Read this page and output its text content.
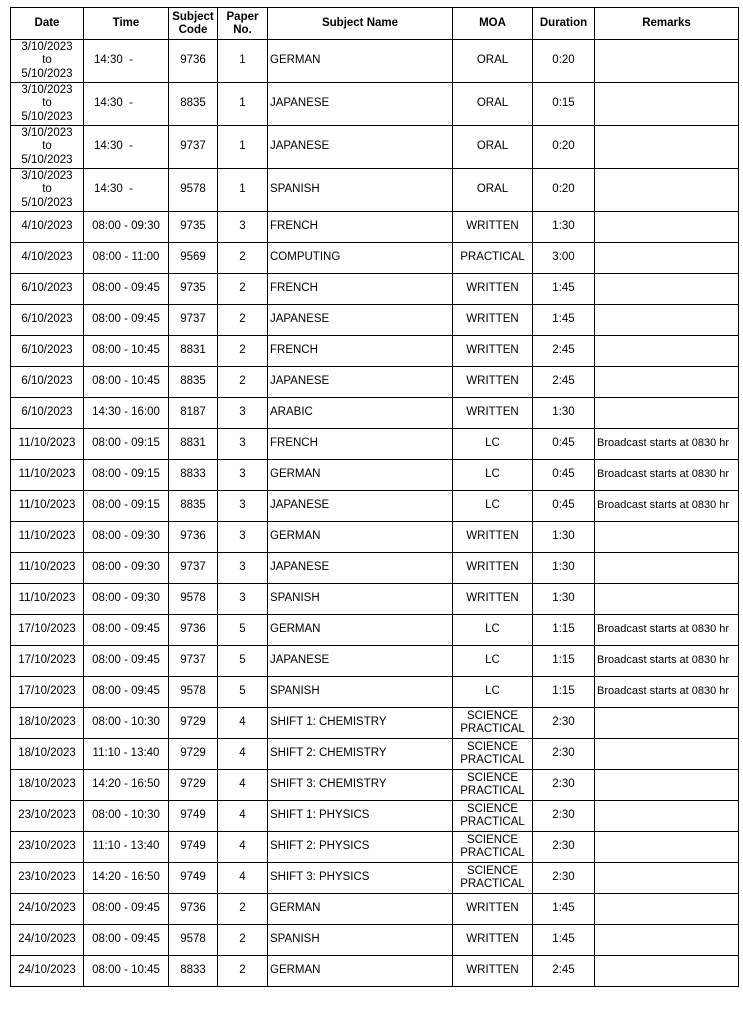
Date	Time	Subject
Code	Paper
No.	Subject Name	MOA	Duration	Remarks

3/10/2023
to
5/10/2023	14:30  -	9736	1	GERMAN	ORAL	0:20	

3/10/2023
to
5/10/2023	14:30  -	8835	1	JAPANESE	ORAL	0:15	

3/10/2023
to
5/10/2023	14:30  -	9737	1	JAPANESE	ORAL	0:20	

3/10/2023
to
5/10/2023	14:30  -	9578	1	SPANISH	ORAL	0:20	

4/10/2023	08:00 - 09:30	9735	3	FRENCH	WRITTEN	1:30	

4/10/2023	08:00 - 11:00	9569	2	COMPUTING	PRACTICAL	3:00	

6/10/2023	08:00 - 09:45	9735	2	FRENCH	WRITTEN	1:45	

6/10/2023	08:00 - 09:45	9737	2	JAPANESE	WRITTEN	1:45	

6/10/2023	08:00 - 10:45	8831	2	FRENCH	WRITTEN	2:45	

6/10/2023	08:00 - 10:45	8835	2	JAPANESE	WRITTEN	2:45	

6/10/2023	14:30 - 16:00	8187	3	ARABIC	WRITTEN	1:30	

11/10/2023	08:00 - 09:15	8831	3	FRENCH	LC	0:45	Broadcast starts at 0830 hr

11/10/2023	08:00 - 09:15	8833	3	GERMAN	LC	0:45	Broadcast starts at 0830 hr

11/10/2023	08:00 - 09:15	8835	3	JAPANESE	LC	0:45	Broadcast starts at 0830 hr

11/10/2023	08:00 - 09:30	9736	3	GERMAN	WRITTEN	1:30	

11/10/2023	08:00 - 09:30	9737	3	JAPANESE	WRITTEN	1:30	

11/10/2023	08:00 - 09:30	9578	3	SPANISH	WRITTEN	1:30	

17/10/2023	08:00 - 09:45	9736	5	GERMAN	LC	1:15	Broadcast starts at 0830 hr

17/10/2023	08:00 - 09:45	9737	5	JAPANESE	LC	1:15	Broadcast starts at 0830 hr

17/10/2023	08:00 - 09:45	9578	5	SPANISH	LC	1:15	Broadcast starts at 0830 hr

18/10/2023	08:00 - 10:30	9729	4	SHIFT 1: CHEMISTRY	SCIENCE
PRACTICAL	2:30	

18/10/2023	11:10 - 13:40	9729	4	SHIFT 2: CHEMISTRY	SCIENCE
PRACTICAL	2:30	

18/10/2023	14:20 - 16:50	9729	4	SHIFT 3: CHEMISTRY	SCIENCE
PRACTICAL	2:30	

23/10/2023	08:00 - 10:30	9749	4	SHIFT 1: PHYSICS	SCIENCE
PRACTICAL	2:30	

23/10/2023	11:10 - 13:40	9749	4	SHIFT 2: PHYSICS	SCIENCE
PRACTICAL	2:30	

23/10/2023	14:20 - 16:50	9749	4	SHIFT 3: PHYSICS	SCIENCE
PRACTICAL	2:30	

24/10/2023	08:00 - 09:45	9736	2	GERMAN	WRITTEN	1:45	

24/10/2023	08:00 - 09:45	9578	2	SPANISH	WRITTEN	1:45	

24/10/2023	08:00 - 10:45	8833	2	GERMAN	WRITTEN	2:45	
